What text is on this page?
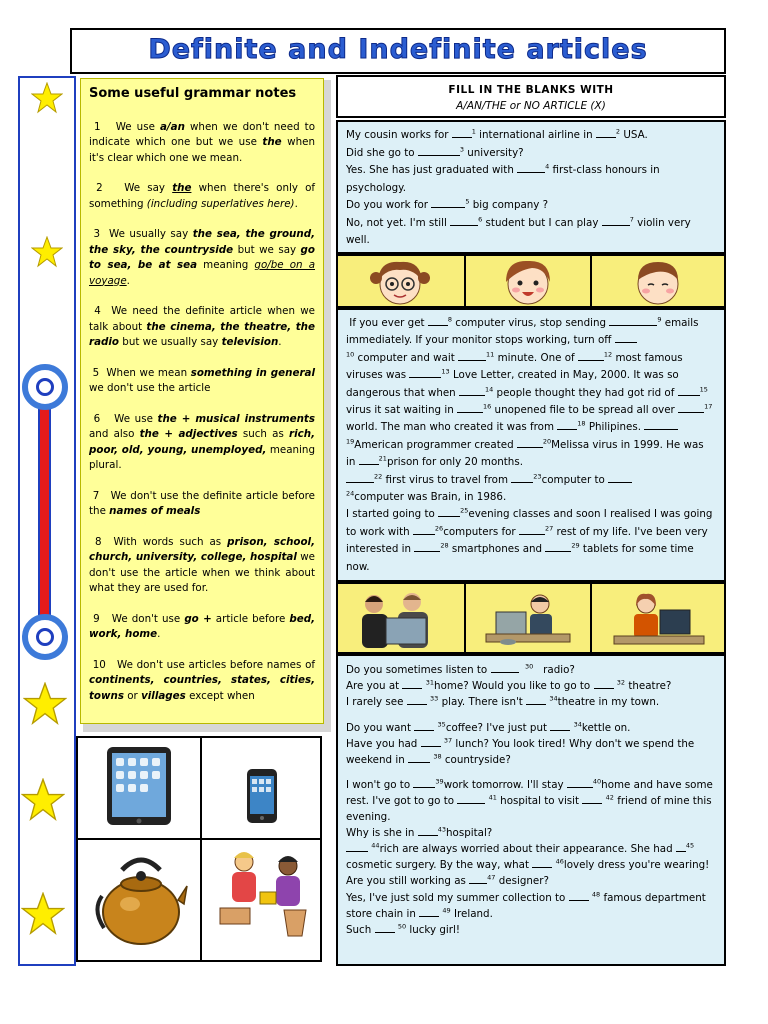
Definite and Indefinite articles
Some useful grammar notes

1 We use a/an when we don't need to indicate which one but we use the when it's clear which one we mean.

2 We say the when there's only of something (including superlatives here).

3 We usually say the sea, the ground, the sky, the countryside but we say go to sea, be at sea meaning go/be on a voyage.

4 We need the definite article when we talk about the cinema, the theatre, the radio but we usually say television.

5 When we mean something in general we don't use the article

6 We use the + musical instruments and also the + adjectives such as rich, poor, old, young, unemployed, meaning plural.

7 We don't use the definite article before the names of meals

8 With words such as prison, school, church, university, college, hospital we don't use the article when we think about what they are used for.

9 We don't use go + article before bed, work, home.

10 We don't use articles before names of continents, countries, states, cities, towns or villages except when

FILL IN THE BLANKS WITH
A/AN/THE or NO ARTICLE (X)

My cousin works for	$^1$ international airline in	$^2$ USA.

Did she go to	$^3$ university?

Yes. She has just graduated with	$^4$ first-class honours in psychology.

Do you work for	$^5$ big company ?

No, not yet. I'm still	$^6$ student but I can play	$^7$ violin very well.

If you ever get	$^8$ computer virus, stop sending	$^9$ emails immediately. If your monitor stops working, turn off
$^{10}$ computer and wait	$^{11}$ minute. One of	$^{12}$ most famous viruses was	$^{13}$ Love Letter, created in May, 2000. It was so dangerous that when	$^{14}$ people thought they had got rid of	$^{15}$ virus it sat waiting in	$^{16}$ unopened file to be spread all over	$^{17}$ world. The man who created it was from	$^{18}$ Philipines. $^{19}$American programmer created	$^{20}$Melissa virus in 1999. He was in	$^{21}$prison for only 20 months.
$^{22}$ first virus to travel from	$^{23}$computer to
$^{24}$computer was Brain, in 1986.
I started going to	$^{25}$evening classes and soon I realised I was going to work with	$^{26}$computers for	$^{27}$ rest of my life. I've been very interested in	$^{28}$ smartphones and	$^{29}$ tablets for some time now.

Do you sometimes listen to	$^{30}$   radio?

Are you at	$^{31}$home? Would you like to go to	$^{32}$ theatre?

I rarely see	$^{33}$ play. There isn't	$^{34}$theatre in my town.

Do you want	$^{35}$coffee? I've just put	$^{34}$kettle on.

Have you had	$^{37}$ lunch? You look tired! Why don't we spend the weekend in	$^{38}$ countryside?

I won't go to	$^{39}$work tomorrow. I'll stay	$^{40}$home and have some rest. I've got to go to	$^{41}$ hospital to visit	$^{42}$ friend of mine this evening.

Why is she in	$^{43}$hospital?

$^{44}$rich are always worried about their appearance. She had $^{45}$ cosmetic surgery. By the way, what	$^{46}$lovely dress you're wearing! Are you still working as	$^{47}$ designer?

Yes, I've just sold my summer collection to	$^{48}$ famous department store chain in	$^{49}$ Ireland.

Such	$^{50}$ lucky girl!
